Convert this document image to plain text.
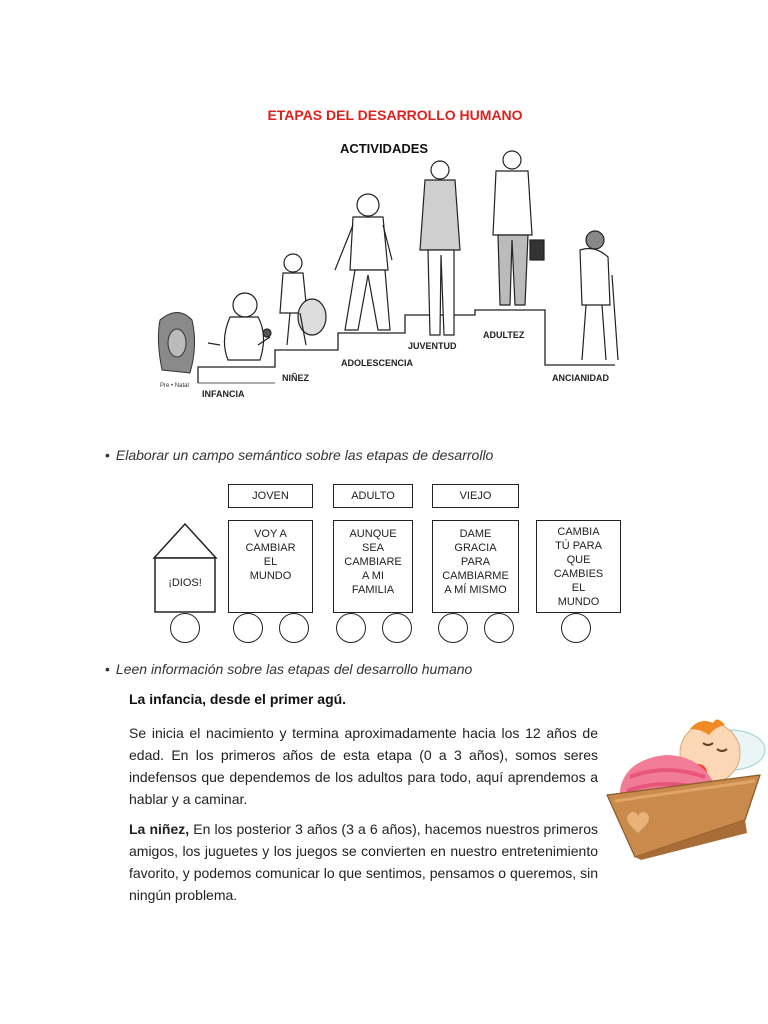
ETAPAS DEL DESARROLLO HUMANO
ACTIVIDADES
Pre • Natal
INFANCIA
NIÑEZ
ADOLESCENCIA
JUVENTUD
ADULTEZ
ANCIANIDAD
• Elaborar un campo semántico sobre las etapas de desarrollo
JOVEN	ADULTO	VIEJO
¡DIOS!
VOY A
CAMBIAR
EL
MUNDO
AUNQUE
SEA
CAMBIARE
A MI
FAMILIA
DAME
GRACIA
PARA
CAMBIARME
A MÍ MISMO
CAMBIA
TÚ PARA
QUE
CAMBIES
EL
MUNDO
• Leen información sobre las etapas del desarrollo humano
La infancia, desde el primer agú.
Se inicia el nacimiento y termina aproximadamente hacia los 12 años de edad. En los primeros años de esta etapa (0 a 3 años), somos seres indefensos que dependemos de los adultos para todo, aquí aprendemos a hablar y a caminar.
La niñez, En los posterior 3 años (3 a 6 años), hacemos nuestros primeros amigos, los juguetes y los juegos se convierten en nuestro entretenimiento favorito, y podemos comunicar lo que sentimos, pensamos o queremos, sin ningún problema.
